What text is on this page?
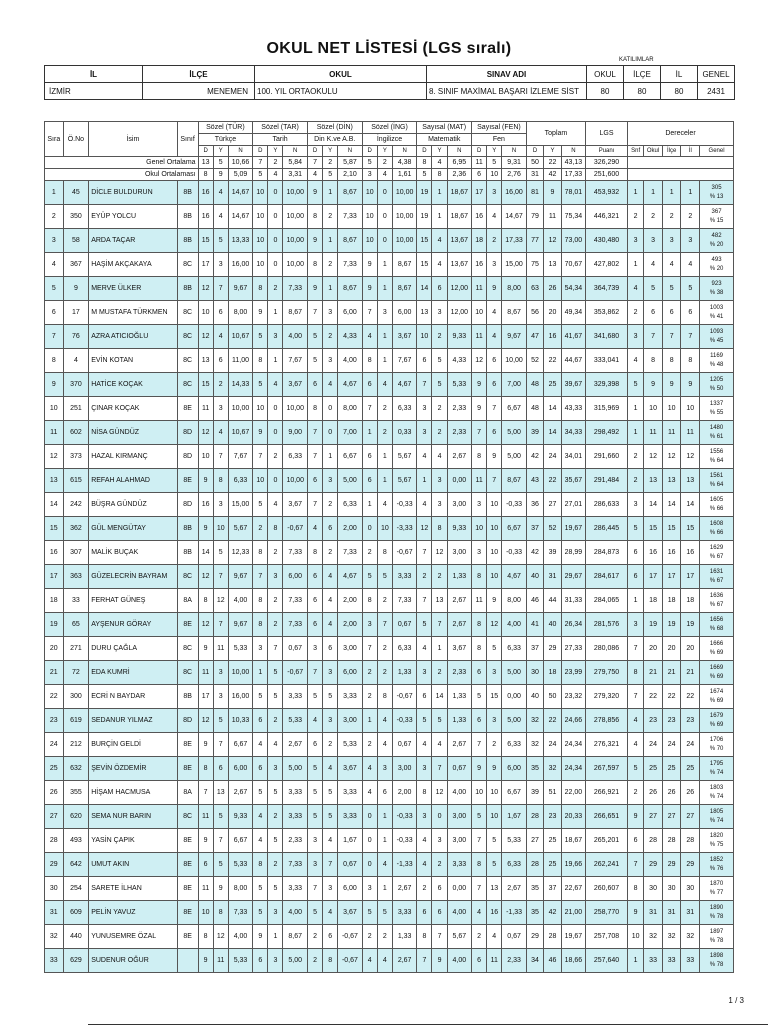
OKUL NET LİSTESİ (LGS sıralı)
KATILIMLAR
İL	İLÇE	OKUL	SINAV ADI	OKUL	İLÇE	İL	GENEL
İZMİR	MENEMEN	100. YIL ORTAOKULU	8. SINIF MAXİMAL BAŞARI İZLEME SİST	80	80	80	2431
Sıra	Ö.No	İsim	Sınıf	Sözel (TÜR)			Sözel (TAR)			Sözel (DİN)			Sözel (İNG)			Sayısal (MAT)			Sayısal (FEN)			Toplam			LGS	Dereceler				
				Türkçe			Tarih			Din K.ve A.B.			İngilizce			Matematik			Fen											
				D	Y	N	D	Y	N	D	Y	N	D	Y	N	D	Y	N	D	Y	N	D	Y	N	Puanı	Snf	Okul	İlçe	İl	Genel
Genel Ortalama				13	5	10,66	7	2	5,84	7	2	5,87	5	2	4,38	8	4	6,95	11	5	9,31	50	22	43,13	326,290					
Okul Ortalaması				8	9	5,09	5	4	3,31	4	5	2,10	3	4	1,61	5	8	2,36	6	10	2,76	31	42	17,33	251,600					
1	45	DİCLE BULDURUN	8B	16	4	14,67	10	0	10,00	9	1	8,67	10	0	10,00	19	1	18,67	17	3	16,00	81	9	78,01	453,932	1	1	1	1	305
% 13

2	350	EYÜP YOLCU	8B	16	4	14,67	10	0	10,00	8	2	7,33	10	0	10,00	19	1	18,67	16	4	14,67	79	11	75,34	446,321	2	2	2	2	367
% 15

3	58	ARDA TAÇAR	8B	15	5	13,33	10	0	10,00	9	1	8,67	10	0	10,00	15	4	13,67	18	2	17,33	77	12	73,00	430,480	3	3	3	3	482
% 20

4	367	HAŞİM AKÇAKAYA	8C	17	3	16,00	10	0	10,00	8	2	7,33	9	1	8,67	15	4	13,67	16	3	15,00	75	13	70,67	427,802	1	4	4	4	493
% 20

5	9	MERVE ÜLKER	8B	12	7	9,67	8	2	7,33	9	1	8,67	9	1	8,67	14	6	12,00	11	9	8,00	63	26	54,34	364,739	4	5	5	5	923
% 38

6	17	M MUSTAFA TÜRKMEN	8C	10	6	8,00	9	1	8,67	7	3	6,00	7	3	6,00	13	3	12,00	10	4	8,67	56	20	49,34	353,862	2	6	6	6	1003
% 41

7	76	AZRA ATICIOĞLU	8C	12	4	10,67	5	3	4,00	5	2	4,33	4	1	3,67	10	2	9,33	11	4	9,67	47	16	41,67	341,680	3	7	7	7	1093
% 45

8	4	EVİN KOTAN	8C	13	6	11,00	8	1	7,67	5	3	4,00	8	1	7,67	6	5	4,33	12	6	10,00	52	22	44,67	333,041	4	8	8	8	1169
% 48

9	370	HATİCE KOÇAK	8C	15	2	14,33	5	4	3,67	6	4	4,67	6	4	4,67	7	5	5,33	9	6	7,00	48	25	39,67	329,398	5	9	9	9	1205
% 50

10	251	ÇINAR KOÇAK	8E	11	3	10,00	10	0	10,00	8	0	8,00	7	2	6,33	3	2	2,33	9	7	6,67	48	14	43,33	315,969	1	10	10	10	1337
% 55

11	602	NİSA GÜNDÜZ	8D	12	4	10,67	9	0	9,00	7	0	7,00	1	2	0,33	3	2	2,33	7	6	5,00	39	14	34,33	298,492	1	11	11	11	1480
% 61

12	373	HAZAL KIRMANÇ	8D	10	7	7,67	7	2	6,33	7	1	6,67	6	1	5,67	4	4	2,67	8	9	5,00	42	24	34,01	291,660	2	12	12	12	1556
% 64

13	615	REFAH ALAHMAD	8E	9	8	6,33	10	0	10,00	6	3	5,00	6	1	5,67	1	3	0,00	11	7	8,67	43	22	35,67	291,484	2	13	13	13	1561
% 64

14	242	BÜŞRA GÜNDÜZ	8D	16	3	15,00	5	4	3,67	7	2	6,33	1	4	-0,33	4	3	3,00	3	10	-0,33	36	27	27,01	286,633	3	14	14	14	1605
% 66

15	362	GÜL MENGÜTAY	8B	9	10	5,67	2	8	-0,67	4	6	2,00	0	10	-3,33	12	8	9,33	10	10	6,67	37	52	19,67	286,445	5	15	15	15	1608
% 66

16	307	MALİK BUÇAK	8B	14	5	12,33	8	2	7,33	8	2	7,33	2	8	-0,67	7	12	3,00	3	10	-0,33	42	39	28,99	284,873	6	16	16	16	1629
% 67

17	363	GÜZELECRİN BAYRAM	8C	12	7	9,67	7	3	6,00	6	4	4,67	5	5	3,33	2	2	1,33	8	10	4,67	40	31	29,67	284,617	6	17	17	17	1631
% 67

18	33	FERHAT GÜNEŞ	8A	8	12	4,00	8	2	7,33	6	4	2,00	8	2	7,33	7	13	2,67	11	9	8,00	46	44	31,33	284,065	1	18	18	18	1636
% 67

19	65	AYŞENUR GÖRAY	8E	12	7	9,67	8	2	7,33	6	4	2,00	3	7	0,67	5	7	2,67	8	12	4,00	41	40	26,34	281,576	3	19	19	19	1656
% 68

20	271	DURU ÇAĞLA	8C	9	11	5,33	3	7	0,67	3	6	3,00	7	2	6,33	4	1	3,67	8	5	6,33	37	29	27,33	280,086	7	20	20	20	1666
% 69

21	72	EDA KUMRİ	8C	11	3	10,00	1	5	-0,67	7	3	6,00	2	2	1,33	3	2	2,33	6	3	5,00	30	18	23,99	279,750	8	21	21	21	1669
% 69

22	300	ECRİ N BAYDAR	8B	17	3	16,00	5	5	3,33	5	5	3,33	2	8	-0,67	6	14	1,33	5	15	0,00	40	50	23,32	279,320	7	22	22	22	1674
% 69

23	619	SEDANUR YILMAZ	8D	12	5	10,33	6	2	5,33	4	3	3,00	1	4	-0,33	5	5	1,33	6	3	5,00	32	22	24,66	278,856	4	23	23	23	1679
% 69

24	212	BURÇİN GELDİ	8E	9	7	6,67	4	4	2,67	6	2	5,33	2	4	0,67	4	4	2,67	7	2	6,33	32	24	24,34	276,321	4	24	24	24	1706
% 70

25	632	ŞEVİN ÖZDEMİR	8E	8	6	6,00	6	3	5,00	5	4	3,67	4	3	3,00	3	7	0,67	9	9	6,00	35	32	24,34	267,597	5	25	25	25	1795
% 74

26	355	HİŞAM HACMUSA	8A	7	13	2,67	5	5	3,33	5	5	3,33	4	6	2,00	8	12	4,00	10	10	6,67	39	51	22,00	266,921	2	26	26	26	1803
% 74

27	620	SEMA NUR BARIN	8C	11	5	9,33	4	2	3,33	5	5	3,33	0	1	-0,33	3	0	3,00	5	10	1,67	28	23	20,33	266,651	9	27	27	27	1805
% 74

28	493	YASİN ÇAPIK	8E	9	7	6,67	4	5	2,33	3	4	1,67	0	1	-0,33	4	3	3,00	7	5	5,33	27	25	18,67	265,201	6	28	28	28	1820
% 75

29	642	UMUT AKIN	8E	6	5	5,33	8	2	7,33	3	7	0,67	0	4	-1,33	4	2	3,33	8	5	6,33	28	25	19,66	262,241	7	29	29	29	1852
% 76

30	254	SARETE İLHAN	8E	11	9	8,00	5	5	3,33	7	3	6,00	3	1	2,67	2	6	0,00	7	13	2,67	35	37	22,67	260,607	8	30	30	30	1870
% 77

31	609	PELİN YAVUZ	8E	10	8	7,33	5	3	4,00	5	4	3,67	5	5	3,33	6	6	4,00	4	16	-1,33	35	42	21,00	258,770	9	31	31	31	1890
% 78

32	440	YUNUSEMRE ÖZAL	8E	8	12	4,00	9	1	8,67	2	6	-0,67	2	2	1,33	8	7	5,67	2	4	0,67	29	28	19,67	257,708	10	32	32	32	1897
% 78

33	629	SUDENUR OĞUR		9	11	5,33	6	3	5,00	2	8	-0,67	4	4	2,67	7	9	4,00	6	11	2,33	34	46	18,66	257,640	1	33	33	33	1898
% 78
1 / 3
